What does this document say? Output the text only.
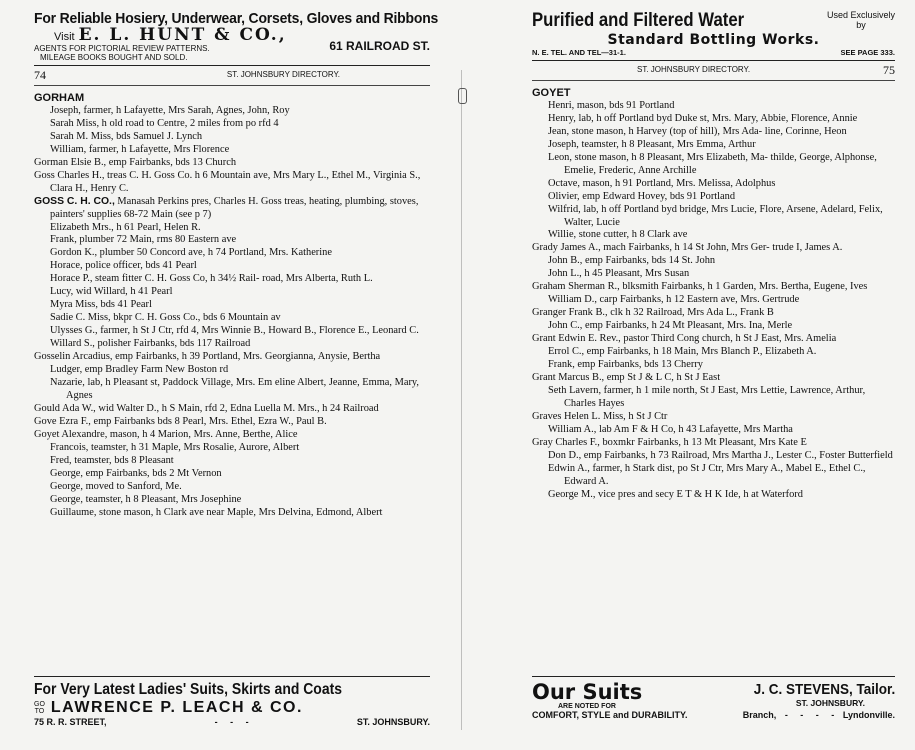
For Reliable Hosiery, Underwear, Corsets, Gloves and Ribbons
Visit E. L. HUNT & CO.,
AGENTS FOR PICTORIAL REVIEW PATTERNS.
MILEAGE BOOKS BOUGHT AND SOLD.
61 RAILROAD ST.
74	ST. JOHNSBURY DIRECTORY.
GORHAM
Joseph, farmer, h Lafayette, Mrs Sarah, Agnes, John, Roy
Sarah Miss, h old road to Centre, 2 miles from po rfd 4
Sarah M. Miss, bds Samuel J. Lynch
William, farmer, h Lafayette, Mrs Florence
Gorman Elsie B., emp Fairbanks, bds 13 Church
Goss Charles H., treas C. H. Goss Co. h 6 Mountain ave, Mrs Mary L., Ethel M., Virginia S., Clara H., Henry C.
GOSS C. H. CO., Manasah Perkins pres, Charles H. Goss treas, heating, plumbing, stoves, painters' supplies 68-72 Main (see p 7)
Elizabeth Mrs., h 61 Pearl, Helen R.
Frank, plumber 72 Main, rms 80 Eastern ave
Gordon K., plumber 50 Concord ave, h 74 Portland, Mrs. Katherine
Horace, police officer, bds 41 Pearl
Horace P., steam fitter C. H. Goss Co, h 34½ Rail- road, Mrs Alberta, Ruth L.
Lucy, wid Willard, h 41 Pearl
Myra Miss, bds 41 Pearl
Sadie C. Miss, bkpr C. H. Goss Co., bds 6 Mountain av
Ulysses G., farmer, h St J Ctr, rfd 4, Mrs Winnie B., Howard B., Florence E., Leonard C.
Willard S., polisher Fairbanks, bds 117 Railroad
Gosselin Arcadius, emp Fairbanks, h 39 Portland, Mrs. Georgianna, Anysie, Bertha
Ludger, emp Bradley Farm New Boston rd
Nazarie, lab, h Pleasant st, Paddock Village, Mrs. Em eline Albert, Jeanne, Emma, Mary, Agnes
Gould Ada W., wid Walter D., h S Main, rfd 2, Edna Luella M. Mrs., h 24 Railroad
Gove Ezra F., emp Fairbanks bds 8 Pearl, Mrs. Ethel, Ezra W., Paul B.
Goyet Alexandre, mason, h 4 Marion, Mrs. Anne, Berthe, Alice
Francois, teamster, h 31 Maple, Mrs Rosalie, Aurore, Albert
Fred, teamster, bds 8 Pleasant
George, emp Fairbanks, bds 2 Mt Vernon
George, moved to Sanford, Me.
George, teamster, h 8 Pleasant, Mrs Josephine
Guillaume, stone mason, h Clark ave near Maple, Mrs Delvina, Edmond, Albert
For Very Latest Ladies' Suits, Skirts and Coats
GO
TO LAWRENCE P. LEACH & CO.
75 R. R. STREET,	-     -     -	ST. JOHNSBURY.
Purified and Filtered Water	Used Exclusively
by
Standard Bottling Works.
N. E. TEL. AND TEL—31-1.	SEE PAGE 333.
ST. JOHNSBURY DIRECTORY.	75
GOYET
Henri, mason, bds 91 Portland
Henry, lab, h off Portland byd Duke st, Mrs. Mary, Abbie, Florence, Annie
Jean, stone mason, h Harvey (top of hill), Mrs Ada- line, Corinne, Heon
Joseph, teamster, h 8 Pleasant, Mrs Emma, Arthur
Leon, stone mason, h 8 Pleasant, Mrs Elizabeth, Ma- thilde, George, Alphonse, Emelie, Frederic, Anne Archille
Octave, mason, h 91 Portland, Mrs. Melissa, Adolphus
Olivier, emp Edward Hovey, bds 91 Portland
Wilfrid, lab, h off Portland byd bridge, Mrs Lucie, Flore, Arsene, Adelard, Felix, Walter, Lucie
Willie, stone cutter, h 8 Clark ave
Grady James A., mach Fairbanks, h 14 St John, Mrs Ger- trude I, James A.
John B., emp Fairbanks, bds 14 St. John
John L., h 45 Pleasant, Mrs Susan
Graham Sherman R., blksmith Fairbanks, h 1 Garden, Mrs. Bertha, Eugene, Ives
William D., carp Fairbanks, h 12 Eastern ave, Mrs. Gertrude
Granger Frank B., clk h 32 Railroad, Mrs Ada L., Frank B
John C., emp Fairbanks, h 24 Mt Pleasant, Mrs. Ina, Merle
Grant Edwin E. Rev., pastor Third Cong church, h St J East, Mrs. Amelia
Errol C., emp Fairbanks, h 18 Main, Mrs Blanch P., Elizabeth A.
Frank, emp Fairbanks, bds 13 Cherry
Grant Marcus B., emp St J & L C, h St J East
Seth Lavern, farmer, h 1 mile north, St J East, Mrs Lettie, Lawrence, Arthur, Charles Hayes
Graves Helen L. Miss, h St J Ctr
William A., lab Am F & H Co, h 43 Lafayette, Mrs Martha
Gray Charles F., boxmkr Fairbanks, h 13 Mt Pleasant, Mrs Kate E
Don D., emp Fairbanks, h 73 Railroad, Mrs Martha J., Lester C., Foster Butterfield
Edwin A., farmer, h Stark dist, po St J Ctr, Mrs Mary A., Mabel E., Ethel C., Edward A.
George M., vice pres and secy E T & H K Ide, h at Waterford
Our Suits
ARE NOTED FOR
J. C. STEVENS, Tailor.
ST. JOHNSBURY.
COMFORT, STYLE and DURABILITY.	Branch, -     -     -     - Lyndonville.
